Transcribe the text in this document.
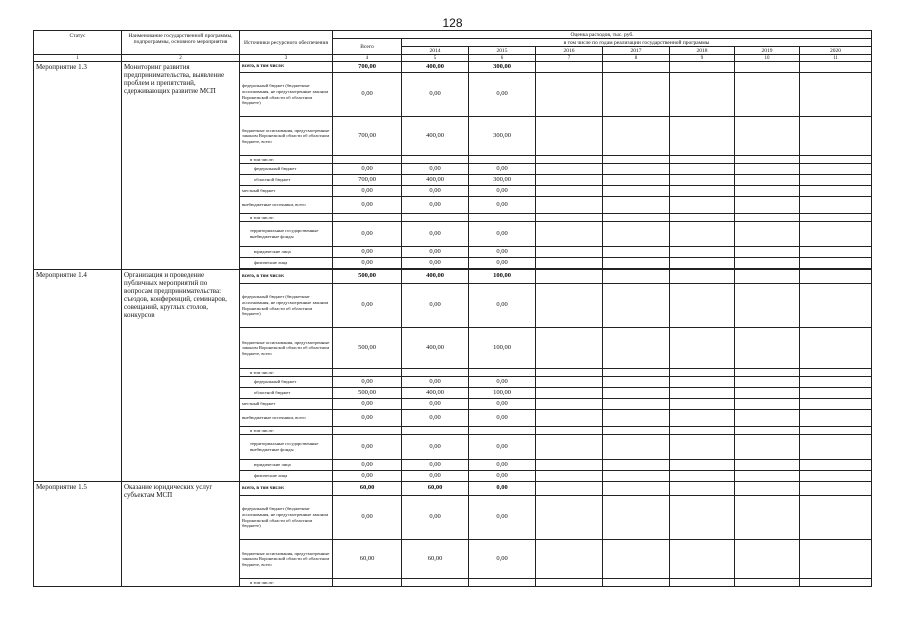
128
Статус	Наименование государственной программы, подпрограммы, основного мероприятия	Источники ресурсного обеспечения	Оценка расходов, тыс. руб.							
			Всего	в том числе по годам реализации государственной программы						
				2014	2015	2016	2017	2018	2019	2020
1	2	3	4	5	6	7	8	9	10	11
Мероприятие 1.3	Мониторинг развития предпринимательства, выявление проблем и препятствий, сдерживающих развитие МСП	всего, в том числе:	700,00	400,00	300,00					
		федеральный бюджет (бюджетные ассигнования, не предусмотренные законом Воронежской области об областном бюджете)	0,00	0,00	0,00					
		бюджетные ассигнования, предусмотренные законом Воронежской области об областном бюджете, всего	700,00	400,00	300,00					
		в том числе:								
		федеральный бюджет	0,00	0,00	0,00					
		областной бюджет	700,00	400,00	300,00					
		местный бюджет	0,00	0,00	0,00					
		внебюджетные источники, всего	0,00	0,00	0,00					
		в том числе:								
		территориальные государственные внебюджетные фонды	0,00	0,00	0,00					
		юридические лица	0,00	0,00	0,00					
		физические лица	0,00	0,00	0,00					

Мероприятие 1.4	Организация и проведение публичных мероприятий по вопросам предпринимательства: съездов, конференций, семинаров, совещаний, круглых столов, конкурсов	всего, в том числе:	500,00	400,00	100,00					
		федеральный бюджет (бюджетные ассигнования, не предусмотренные законом Воронежской области об областном бюджете)	0,00	0,00	0,00					
		бюджетные ассигнования, предусмотренные законом Воронежской области об областном бюджете, всего	500,00	400,00	100,00					
		в том числе:								
		федеральный бюджет	0,00	0,00	0,00					
		областной бюджет	500,00	400,00	100,00					
		местный бюджет	0,00	0,00	0,00					
		внебюджетные источники, всего	0,00	0,00	0,00					
		в том числе:								
		территориальные государственные внебюджетные фонды	0,00	0,00	0,00					
		юридические лица	0,00	0,00	0,00					
		физические лица	0,00	0,00	0,00					
Мероприятие 1.5	Оказание юридических услуг субъектам МСП	всего, в том числе:	60,00	60,00	0,00					
		федеральный бюджет (бюджетные ассигнования, не предусмотренные законом Воронежской области об областном бюджете)	0,00	0,00	0,00					
		бюджетные ассигнования, предусмотренные законом Воронежской области об областном бюджете, всего	60,00	60,00	0,00					
		в том числе:								
